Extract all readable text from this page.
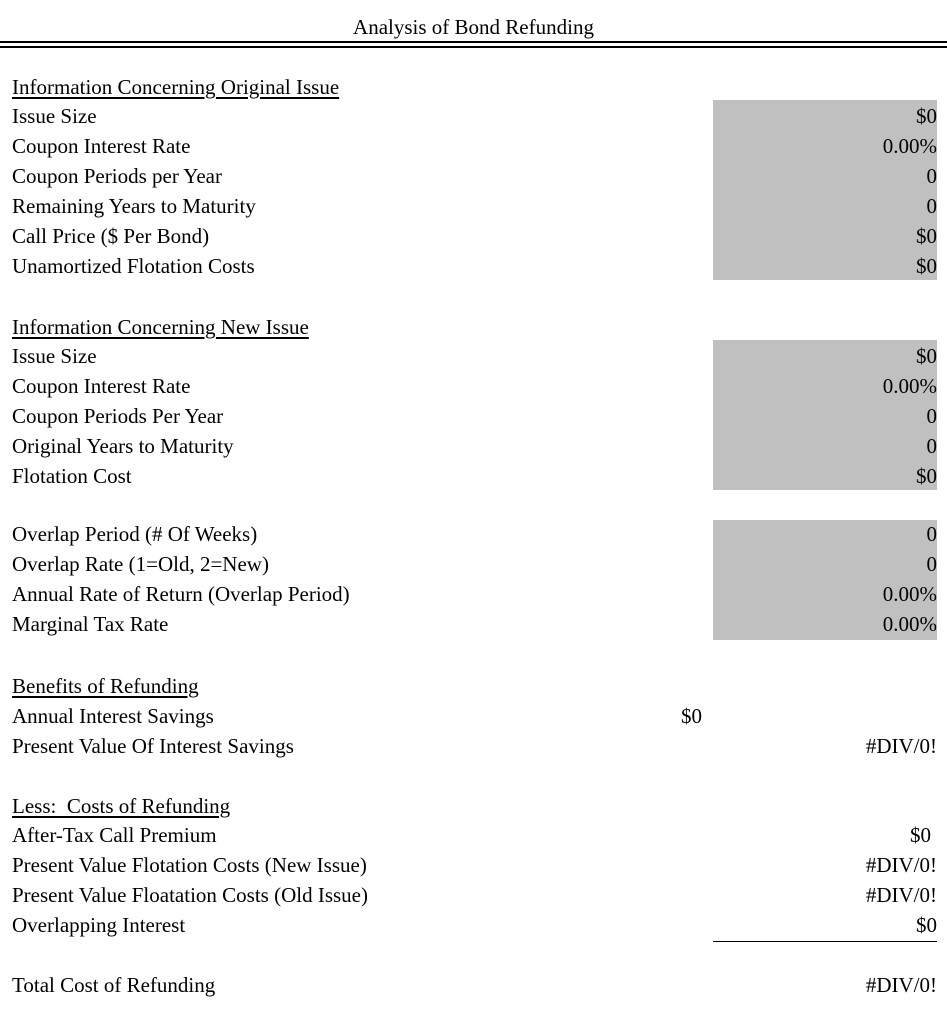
Analysis of Bond Refunding
Information Concerning Original Issue
Issue Size	$0
Coupon Interest Rate	0.00%
Coupon Periods per Year	0
Remaining Years to Maturity	0
Call Price ($ Per Bond)	$0
Unamortized Flotation Costs	$0
Information Concerning New Issue
Issue Size	$0
Coupon Interest Rate	0.00%
Coupon Periods Per Year	0
Original Years to Maturity	0
Flotation Cost	$0
Overlap Period (# Of Weeks)	0
Overlap Rate (1=Old, 2=New)	0
Annual Rate of Return (Overlap Period)	0.00%
Marginal Tax Rate	0.00%
Benefits of Refunding
Annual Interest Savings	$0
Present Value Of Interest Savings	#DIV/0!
Less:  Costs of Refunding
After-Tax Call Premium	$0
Present Value Flotation Costs (New Issue)	#DIV/0!
Present Value Floatation Costs (Old Issue)	#DIV/0!
Overlapping Interest	$0
Total Cost of Refunding	#DIV/0!
